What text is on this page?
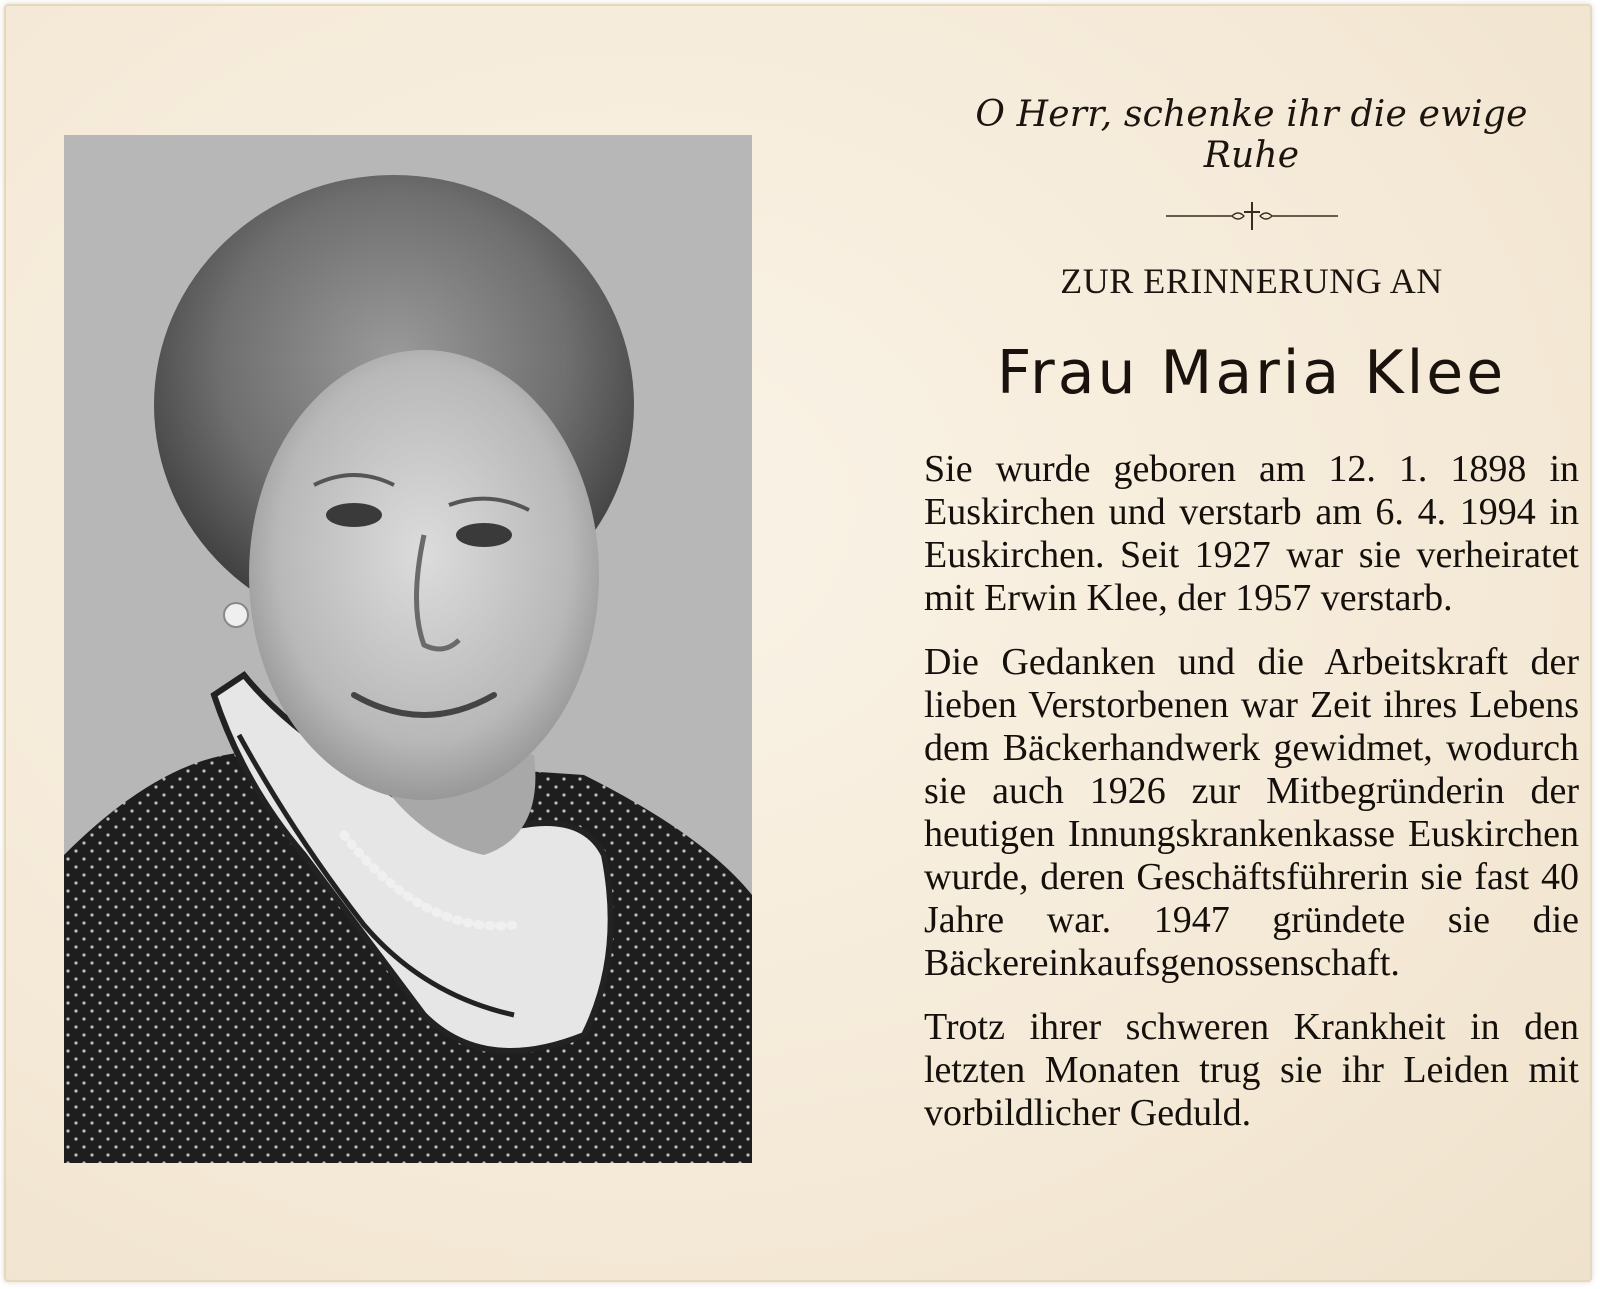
O Herr, schenke ihr die ewige Ruhe

ZUR ERINNERUNG AN

Frau Maria Klee

Sie wurde geboren am 12. 1. 1898 in Euskirchen und verstarb am 6. 4. 1994 in Euskirchen. Seit 1927 war sie verheiratet mit Erwin Klee, der 1957 verstarb.

Die Gedanken und die Arbeitskraft der lieben Verstorbenen war Zeit ihres Lebens dem Bäckerhandwerk gewidmet, wodurch sie auch 1926 zur Mitbegründerin der heutigen Innungskrankenkasse Euskirchen wurde, deren Geschäftsführerin sie fast 40 Jahre war. 1947 gründete sie die Bäckereinkaufsgenossenschaft.

Trotz ihrer schweren Krankheit in den letzten Monaten trug sie ihr Leiden mit vorbildlicher Geduld.
